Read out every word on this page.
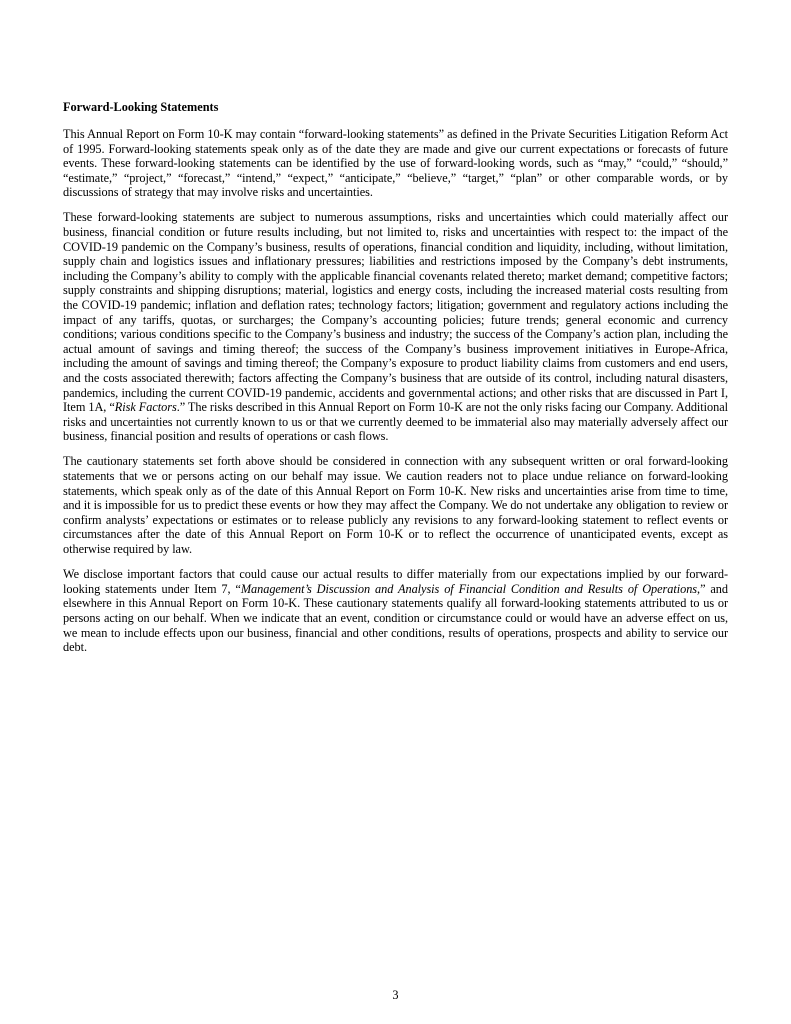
Forward-Looking Statements

This Annual Report on Form 10-K may contain “forward-looking statements” as defined in the Private Securities Litigation Reform Act of 1995. Forward-looking statements speak only as of the date they are made and give our current expectations or forecasts of future events. These forward-looking statements can be identified by the use of forward-looking words, such as “may,” “could,” “should,” “estimate,” “project,” “forecast,” “intend,” “expect,” “anticipate,” “believe,” “target,” “plan” or other comparable words, or by discussions of strategy that may involve risks and uncertainties.

These forward-looking statements are subject to numerous assumptions, risks and uncertainties which could materially affect our business, financial condition or future results including, but not limited to, risks and uncertainties with respect to: the impact of the COVID-19 pandemic on the Company’s business, results of operations, financial condition and liquidity, including, without limitation, supply chain and logistics issues and inflationary pressures; liabilities and restrictions imposed by the Company’s debt instruments, including the Company’s ability to comply with the applicable financial covenants related thereto; market demand; competitive factors; supply constraints and shipping disruptions; material, logistics and energy costs, including the increased material costs resulting from the COVID-19 pandemic; inflation and deflation rates; technology factors; litigation; government and regulatory actions including the impact of any tariffs, quotas, or surcharges; the Company’s accounting policies; future trends; general economic and currency conditions; various conditions specific to the Company’s business and industry; the success of the Company’s action plan, including the actual amount of savings and timing thereof; the success of the Company’s business improvement initiatives in Europe-Africa, including the amount of savings and timing thereof; the Company’s exposure to product liability claims from customers and end users, and the costs associated therewith; factors affecting the Company’s business that are outside of its control, including natural disasters, pandemics, including the current COVID-19 pandemic, accidents and governmental actions; and other risks that are discussed in Part I, Item 1A, “Risk Factors.” The risks described in this Annual Report on Form 10-K are not the only risks facing our Company. Additional risks and uncertainties not currently known to us or that we currently deemed to be immaterial also may materially adversely affect our business, financial position and results of operations or cash flows.

The cautionary statements set forth above should be considered in connection with any subsequent written or oral forward-looking statements that we or persons acting on our behalf may issue. We caution readers not to place undue reliance on forward-looking statements, which speak only as of the date of this Annual Report on Form 10-K. New risks and uncertainties arise from time to time, and it is impossible for us to predict these events or how they may affect the Company. We do not undertake any obligation to review or confirm analysts’ expectations or estimates or to release publicly any revisions to any forward-looking statement to reflect events or circumstances after the date of this Annual Report on Form 10-K or to reflect the occurrence of unanticipated events, except as otherwise required by law.

We disclose important factors that could cause our actual results to differ materially from our expectations implied by our forward-looking statements under Item 7, “Management’s Discussion and Analysis of Financial Condition and Results of Operations,” and elsewhere in this Annual Report on Form 10-K. These cautionary statements qualify all forward-looking statements attributed to us or persons acting on our behalf. When we indicate that an event, condition or circumstance could or would have an adverse effect on us, we mean to include effects upon our business, financial and other conditions, results of operations, prospects and ability to service our debt.

3
